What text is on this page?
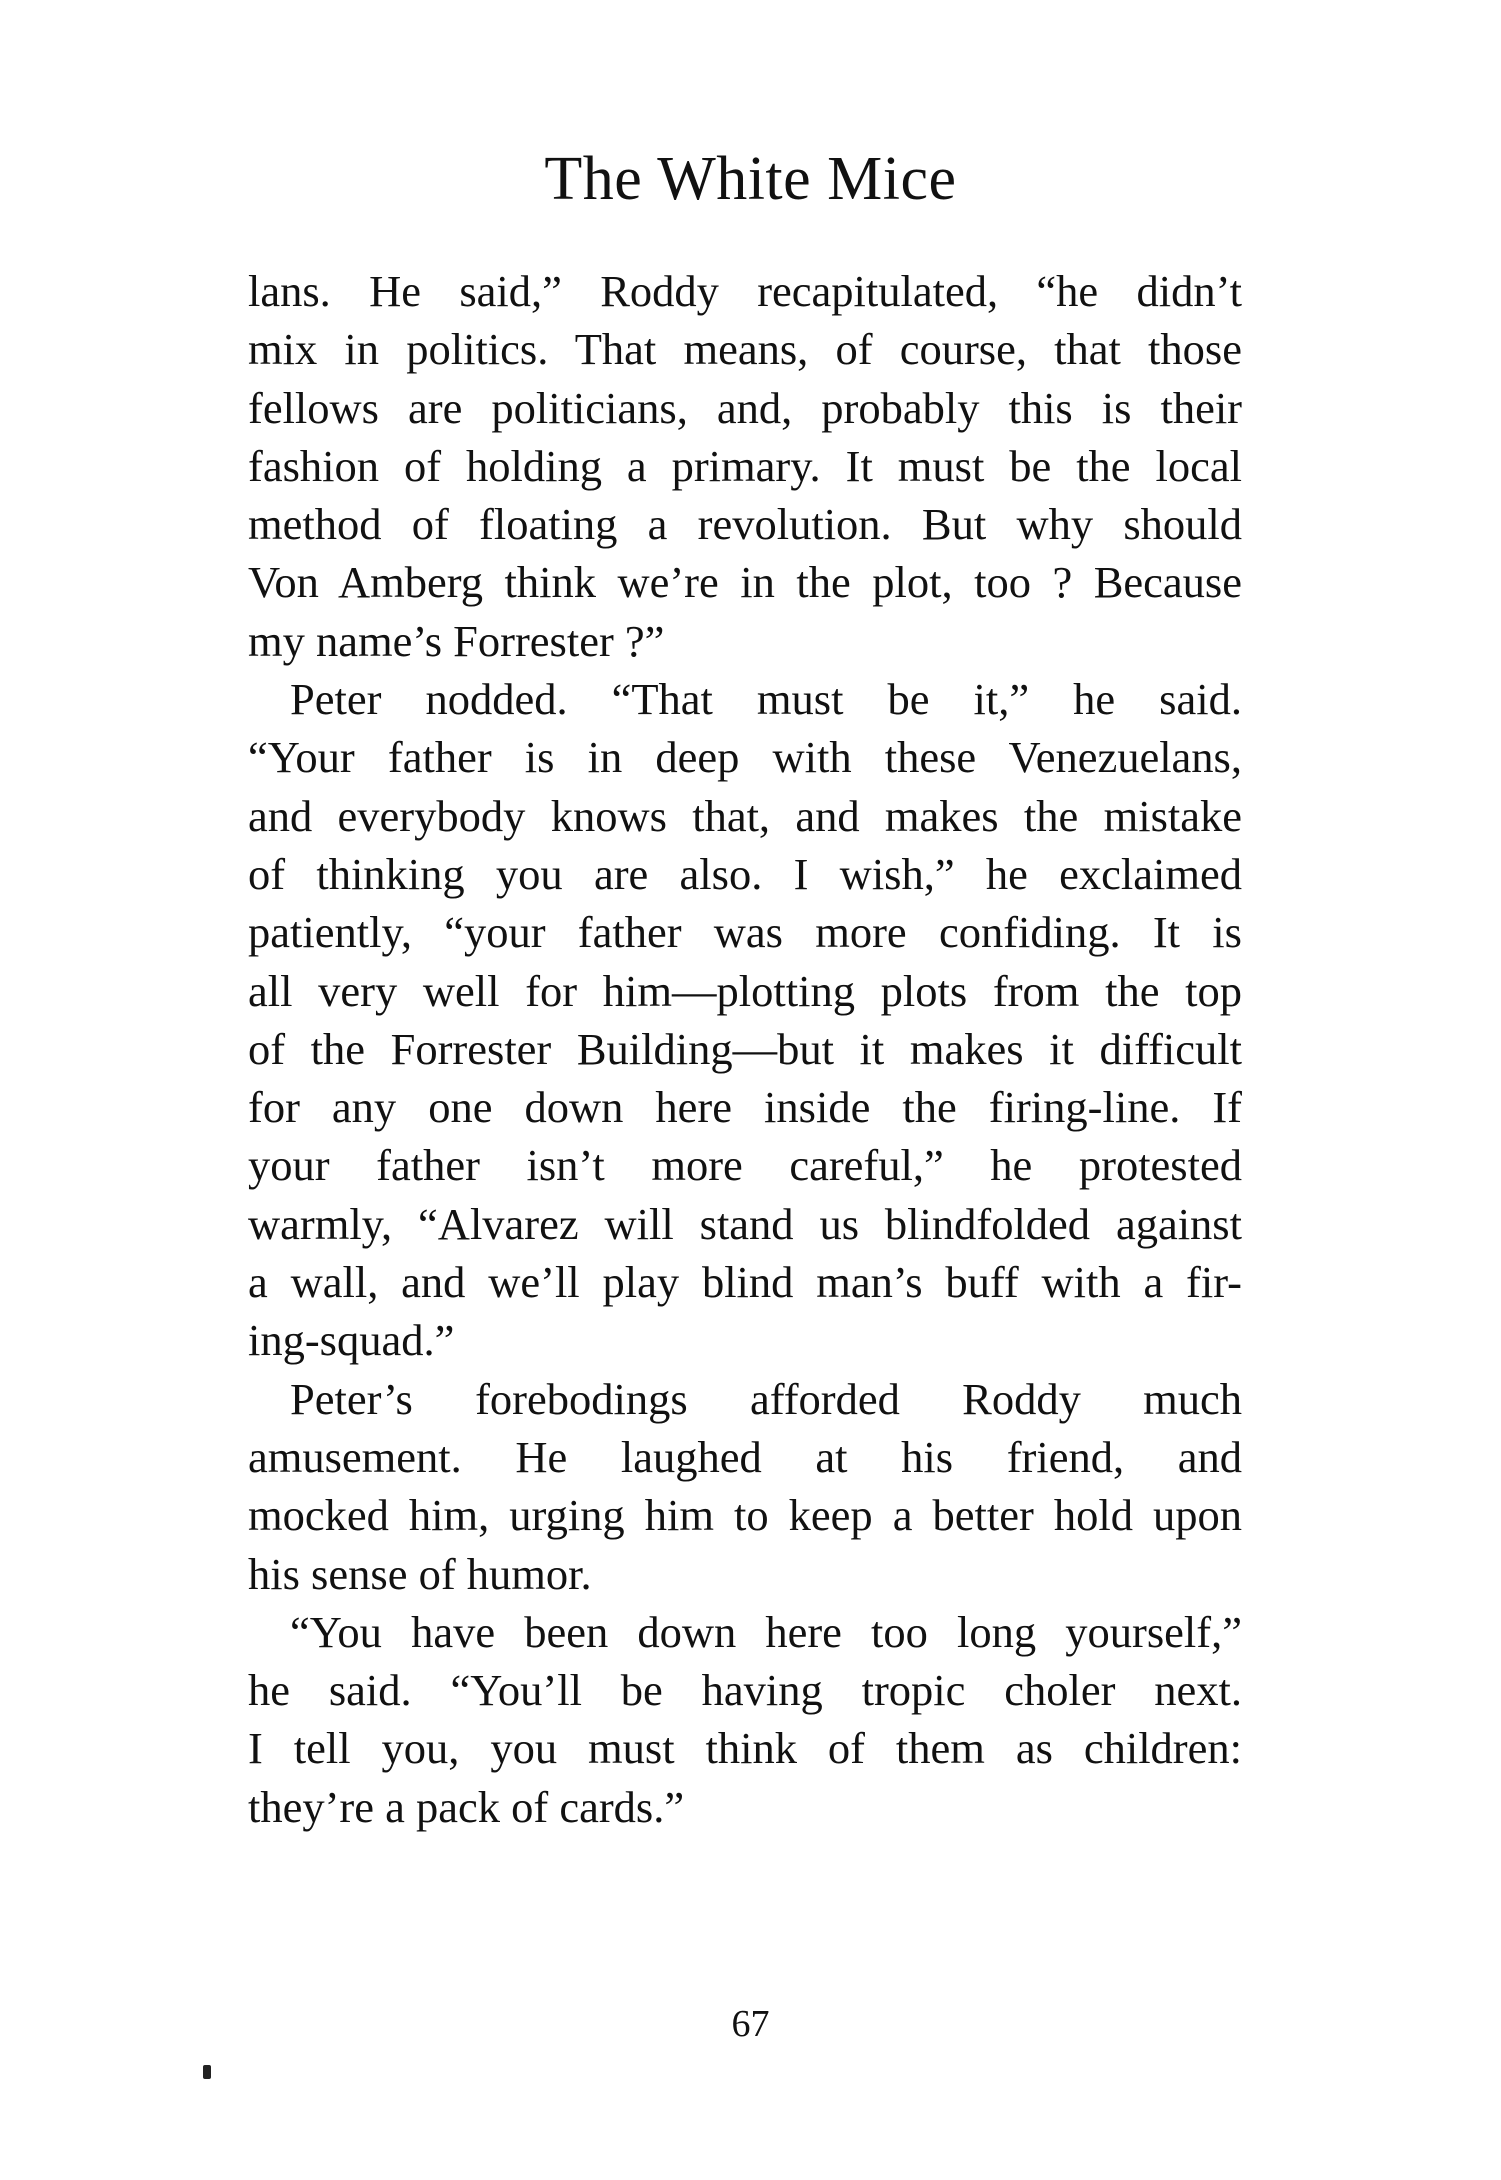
The White Mice
lans. He said,” Roddy recapitulated, “he didn’t
mix in politics. That means, of course, that those
fellows are politicians, and, probably this is their
fashion of holding a primary. It must be the local
method of floating a revolution. But why should
Von Amberg think we’re in the plot, too ? Because
my name’s Forrester ?”
Peter nodded. “That must be it,” he said.
“Your father is in deep with these Venezuelans,
and everybody knows that, and makes the mistake
of thinking you are also. I wish,” he exclaimed
patiently, “your father was more confiding. It is
all very well for him—plotting plots from the top
of the Forrester Building—but it makes it difficult
for any one down here inside the firing-line. If
your father isn’t more careful,” he protested
warmly, “Alvarez will stand us blindfolded against
a wall, and we’ll play blind man’s buff with a fir-
ing-squad.”
Peter’s forebodings afforded Roddy much
amusement. He laughed at his friend, and
mocked him, urging him to keep a better hold upon
his sense of humor.
“You have been down here too long yourself,”
he said. “You’ll be having tropic choler next.
I tell you, you must think of them as children:
they’re a pack of cards.”
67
